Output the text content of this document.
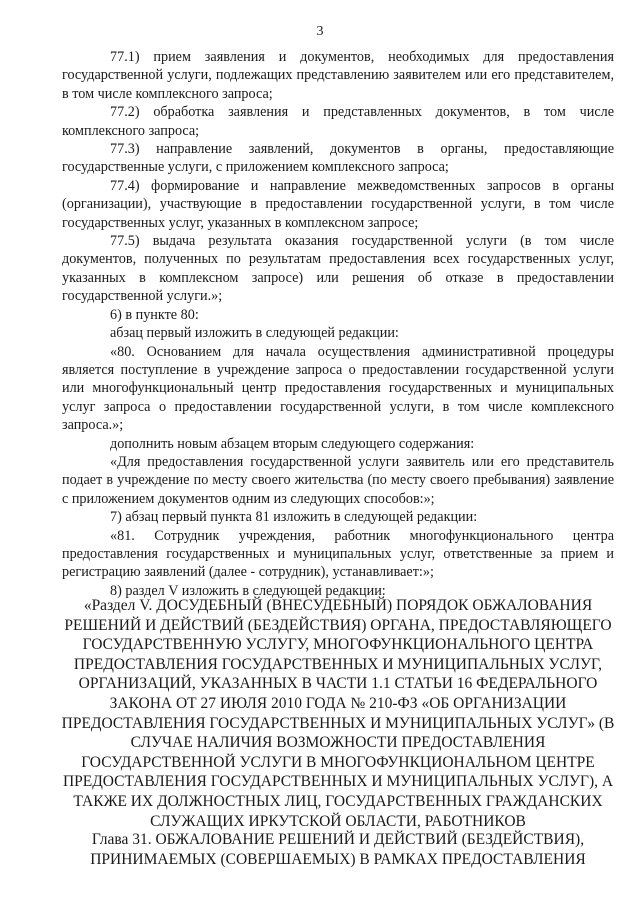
3

77.1) прием заявления и документов, необходимых для предоставления государственной услуги, подлежащих представлению заявителем или его представителем, в том числе комплексного запроса;

77.2) обработка заявления и представленных документов, в том числе комплексного запроса;

77.3) направление заявлений, документов в органы, предоставляющие государственные услуги, с приложением комплексного запроса;

77.4) формирование и направление межведомственных запросов в органы (организации), участвующие в предоставлении государственной услуги, в том числе государственных услуг, указанных в комплексном запросе;

77.5) выдача результата оказания государственной услуги (в том числе документов, полученных по результатам предоставления всех государственных услуг, указанных в комплексном запросе) или решения об отказе в предоставлении государственной услуги.»;

6) в пункте 80:

абзац первый изложить в следующей редакции:

«80. Основанием для начала осуществления административной процедуры является поступление в учреждение запроса о предоставлении государственной услуги или многофункциональный центр предоставления государственных и муниципальных услуг запроса о предоставлении государственной услуги, в том числе комплексного запроса.»;

дополнить новым абзацем вторым следующего содержания:

«Для предоставления государственной услуги заявитель или его представитель подает в учреждение по месту своего жительства (по месту своего пребывания) заявление с приложением документов одним из следующих способов:»;

7) абзац первый пункта 81 изложить в следующей редакции:

«81. Сотрудник учреждения, работник многофункционального центра предоставления государственных и муниципальных услуг, ответственные за прием и регистрацию заявлений (далее - сотрудник), устанавливает:»;

8) раздел V изложить в следующей редакции:

«Раздел V. ДОСУДЕБНЫЙ (ВНЕСУДЕБНЫЙ) ПОРЯДОК ОБЖАЛОВАНИЯ РЕШЕНИЙ И ДЕЙСТВИЙ (БЕЗДЕЙСТВИЯ) ОРГАНА, ПРЕДОСТАВЛЯЮЩЕГО ГОСУДАРСТВЕННУЮ УСЛУГУ, МНОГОФУНКЦИОНАЛЬНОГО ЦЕНТРА ПРЕДОСТАВЛЕНИЯ ГОСУДАРСТВЕННЫХ И МУНИЦИПАЛЬНЫХ УСЛУГ, ОРГАНИЗАЦИЙ, УКАЗАННЫХ В ЧАСТИ 1.1 СТАТЬИ 16 ФЕДЕРАЛЬНОГО ЗАКОНА ОТ 27 ИЮЛЯ 2010 ГОДА № 210-ФЗ «ОБ ОРГАНИЗАЦИИ ПРЕДОСТАВЛЕНИЯ ГОСУДАРСТВЕННЫХ И МУНИЦИПАЛЬНЫХ УСЛУГ» (В СЛУЧАЕ НАЛИЧИЯ ВОЗМОЖНОСТИ ПРЕДОСТАВЛЕНИЯ ГОСУДАРСТВЕННОЙ УСЛУГИ В МНОГОФУНКЦИОНАЛЬНОМ ЦЕНТРЕ ПРЕДОСТАВЛЕНИЯ ГОСУДАРСТВЕННЫХ И МУНИЦИПАЛЬНЫХ УСЛУГ), А ТАКЖЕ ИХ ДОЛЖНОСТНЫХ ЛИЦ, ГОСУДАРСТВЕННЫХ ГРАЖДАНСКИХ СЛУЖАЩИХ ИРКУТСКОЙ ОБЛАСТИ, РАБОТНИКОВ
Глава 31. ОБЖАЛОВАНИЕ РЕШЕНИЙ И ДЕЙСТВИЙ (БЕЗДЕЙСТВИЯ), ПРИНИМАЕМЫХ (СОВЕРШАЕМЫХ) В РАМКАХ ПРЕДОСТАВЛЕНИЯ
